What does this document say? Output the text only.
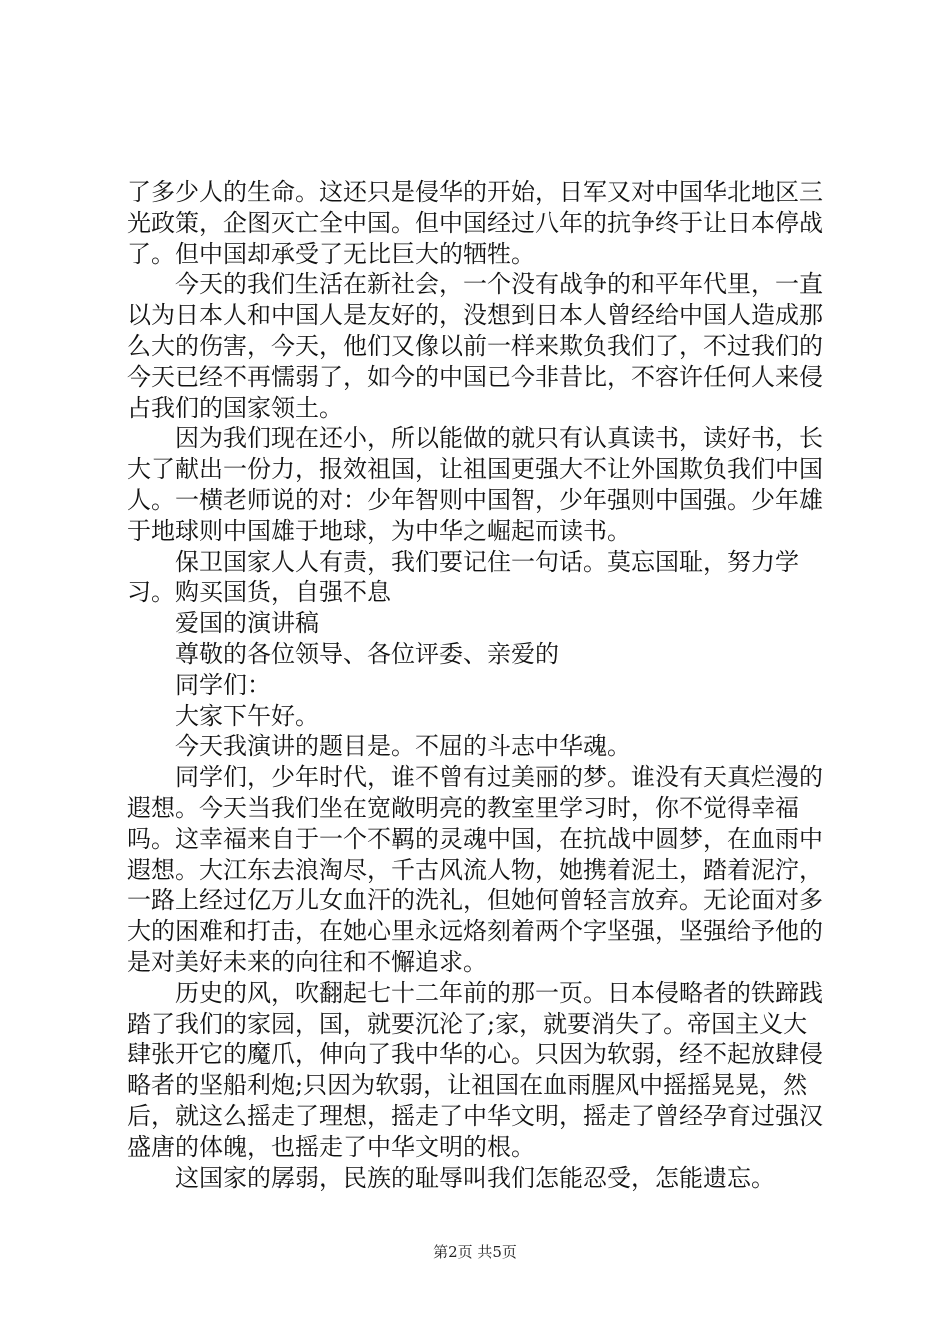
了多少人的生命。这还只是侵华的开始，日军又对中国华北地区三光政策，企图灭亡全中国。但中国经过八年的抗争终于让日本停战了。但中国却承受了无比巨大的牺牲。

今天的我们生活在新社会，一个没有战争的和平年代里，一直以为日本人和中国人是友好的，没想到日本人曾经给中国人造成那么大的伤害，今天，他们又像以前一样来欺负我们了，不过我们的今天已经不再懦弱了，如今的中国已今非昔比，不容许任何人来侵占我们的国家领土。

因为我们现在还小，所以能做的就只有认真读书，读好书，长大了献出一份力，报效祖国，让祖国更强大不让外国欺负我们中国人。一横老师说的对：少年智则中国智，少年强则中国强。少年雄于地球则中国雄于地球，为中华之崛起而读书。

保卫国家人人有责，我们要记住一句话。莫忘国耻，努力学习。购买国货，自强不息

爱国的演讲稿

尊敬的各位领导、各位评委、亲爱的

同学们：

大家下午好。

今天我演讲的题目是。不屈的斗志中华魂。

同学们，少年时代，谁不曾有过美丽的梦。谁没有天真烂漫的遐想。今天当我们坐在宽敞明亮的教室里学习时，你不觉得幸福吗。这幸福来自于一个不羁的灵魂中国，在抗战中圆梦，在血雨中遐想。大江东去浪淘尽，千古风流人物，她携着泥土，踏着泥泞，一路上经过亿万儿女血汗的洗礼，但她何曾轻言放弃。无论面对多大的困难和打击，在她心里永远烙刻着两个字坚强，坚强给予他的是对美好未来的向往和不懈追求。

历史的风，吹翻起七十二年前的那一页。日本侵略者的铁蹄践踏了我们的家园，国，就要沉沦了;家，就要消失了。帝国主义大肆张开它的魔爪，伸向了我中华的心。只因为软弱，经不起放肆侵略者的坚船利炮;只因为软弱，让祖国在血雨腥风中摇摇晃晃，然后，就这么摇走了理想，摇走了中华文明，摇走了曾经孕育过强汉盛唐的体魄，也摇走了中华文明的根。

这国家的孱弱，民族的耻辱叫我们怎能忍受，怎能遗忘。

第2页 共5页
